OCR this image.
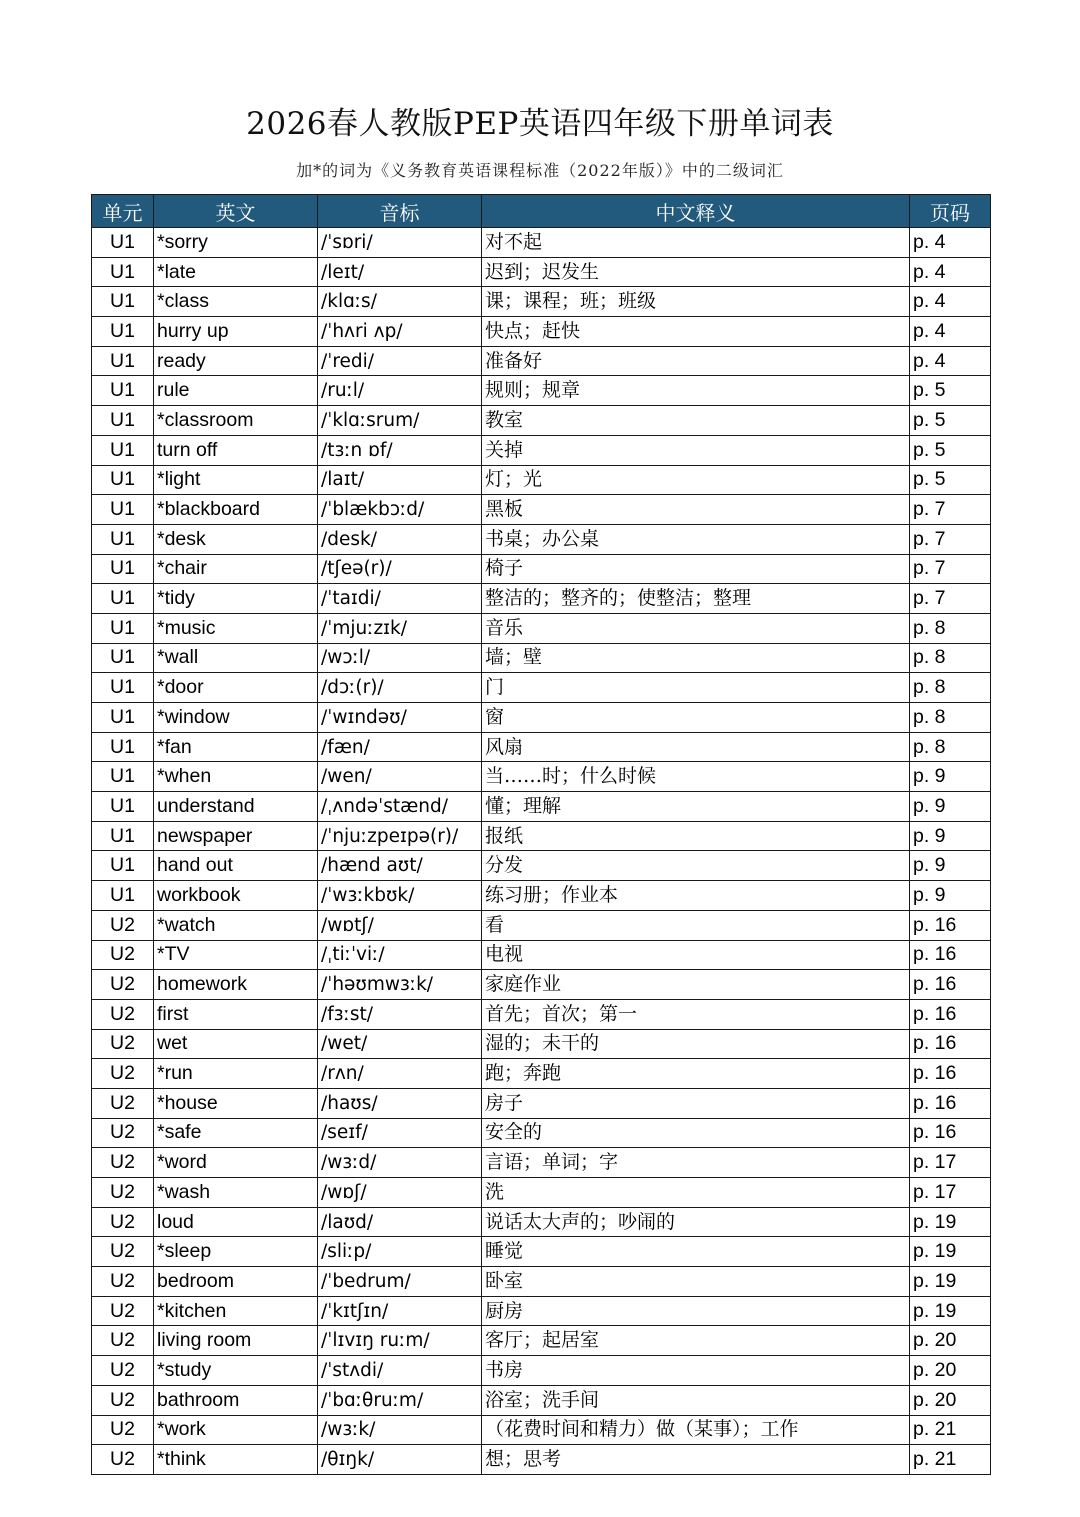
2026春人教版PEP英语四年级下册单词表
加*的词为《义务教育英语课程标准（2022年版）》中的二级词汇
单元	英文	音标	中文释义	页码
U1	*sorry	/ˈsɒri/	对不起	p. 4
U1	*late	/leɪt/	迟到；迟发生	p. 4
U1	*class	/klɑːs/	课；课程；班；班级	p. 4
U1	hurry up	/ˈhʌri ʌp/	快点；赶快	p. 4
U1	ready	/ˈredi/	准备好	p. 4
U1	rule	/ruːl/	规则；规章	p. 5
U1	*classroom	/ˈklɑːsrum/	教室	p. 5
U1	turn off	/tɜːn ɒf/	关掉	p. 5
U1	*light	/laɪt/	灯；光	p. 5
U1	*blackboard	/ˈblækbɔːd/	黑板	p. 7
U1	*desk	/desk/	书桌；办公桌	p. 7
U1	*chair	/tʃeə(r)/	椅子	p. 7
U1	*tidy	/ˈtaɪdi/	整洁的；整齐的；使整洁；整理	p. 7
U1	*music	/ˈmjuːzɪk/	音乐	p. 8
U1	*wall	/wɔːl/	墙；壁	p. 8
U1	*door	/dɔː(r)/	门	p. 8
U1	*window	/ˈwɪndəʊ/	窗	p. 8
U1	*fan	/fæn/	风扇	p. 8
U1	*when	/wen/	当……时；什么时候	p. 9
U1	understand	/ˌʌndəˈstænd/	懂；理解	p. 9
U1	newspaper	/ˈnjuːzpeɪpə(r)/	报纸	p. 9
U1	hand out	/hænd aʊt/	分发	p. 9
U1	workbook	/ˈwɜːkbʊk/	练习册；作业本	p. 9
U2	*watch	/wɒtʃ/	看	p. 16
U2	*TV	/ˌtiːˈviː/	电视	p. 16
U2	homework	/ˈhəʊmwɜːk/	家庭作业	p. 16
U2	first	/fɜːst/	首先；首次；第一	p. 16
U2	wet	/wet/	湿的；未干的	p. 16
U2	*run	/rʌn/	跑；奔跑	p. 16
U2	*house	/haʊs/	房子	p. 16
U2	*safe	/seɪf/	安全的	p. 16
U2	*word	/wɜːd/	言语；单词；字	p. 17
U2	*wash	/wɒʃ/	洗	p. 17
U2	loud	/laʊd/	说话太大声的；吵闹的	p. 19
U2	*sleep	/sliːp/	睡觉	p. 19
U2	bedroom	/ˈbedrum/	卧室	p. 19
U2	*kitchen	/ˈkɪtʃɪn/	厨房	p. 19
U2	living room	/ˈlɪvɪŋ ruːm/	客厅；起居室	p. 20
U2	*study	/ˈstʌdi/	书房	p. 20
U2	bathroom	/ˈbɑːθruːm/	浴室；洗手间	p. 20
U2	*work	/wɜːk/	（花费时间和精力）做（某事）；工作	p. 21
U2	*think	/θɪŋk/	想；思考	p. 21
